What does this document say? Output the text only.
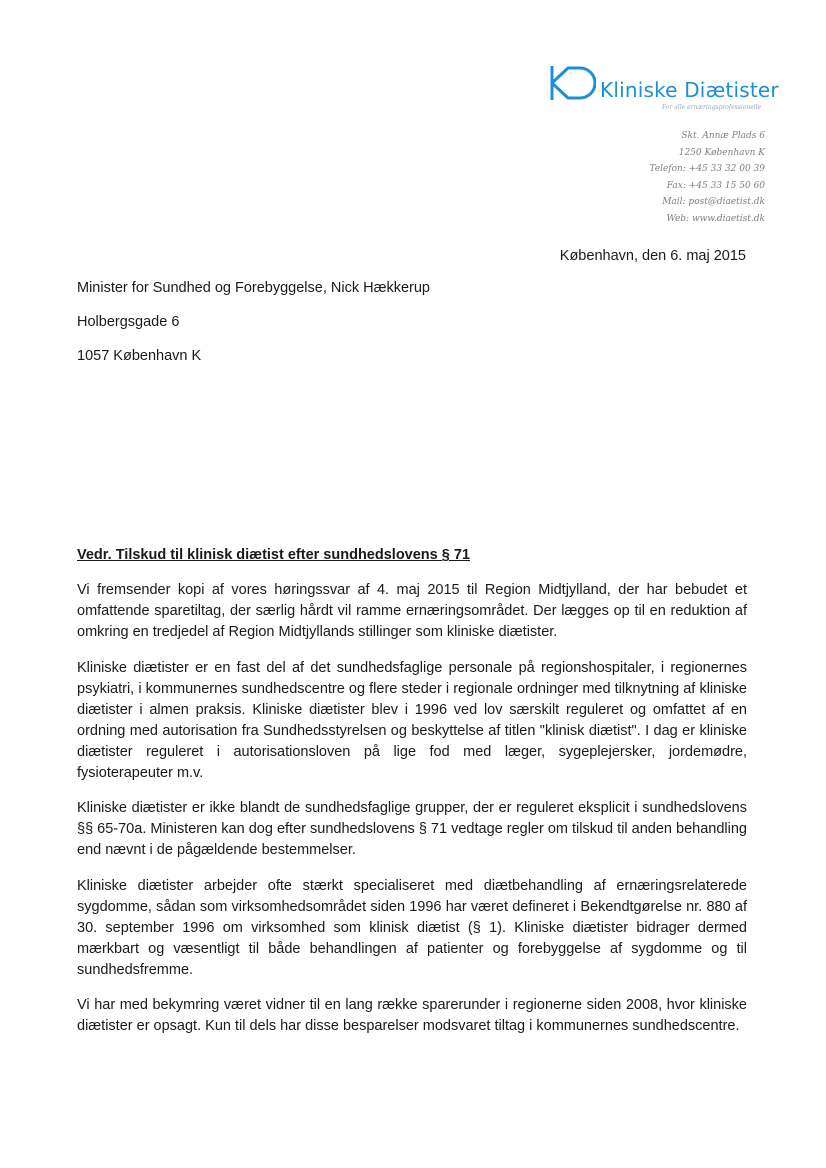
Kliniske Diætister
For alle ernæringsprofessionelle
Skt. Annæ Plads 6
1250 København K
Telefon: +45 33 32 00 39
Fax: +45 33 15 50 60
Mail: post@diaetist.dk
Web: www.diaetist.dk
København, den 6. maj 2015
Minister for Sundhed og Forebyggelse, Nick Hækkerup
Holbergsgade 6
1057 København K
Vedr. Tilskud til klinisk diætist efter sundhedslovens § 71

Vi fremsender kopi af vores høringssvar af 4. maj 2015 til Region Midtjylland, der har bebudet et omfattende sparetiltag, der særlig hårdt vil ramme ernæringsområdet. Der lægges op til en reduktion af omkring en tredjedel af Region Midtjyllands stillinger som kliniske diætister.

Kliniske diætister er en fast del af det sundhedsfaglige personale på regionshospitaler, i regionernes psykiatri, i kommunernes sundhedscentre og flere steder i regionale ordninger med tilknytning af kliniske diætister i almen praksis. Kliniske diætister blev i 1996 ved lov særskilt reguleret og omfattet af en ordning med autorisation fra Sundhedsstyrelsen og beskyttelse af titlen "klinisk diætist". I dag er kliniske diætister reguleret i autorisationsloven på lige fod med læger, sygeplejersker, jordemødre, fysioterapeuter m.v.

Kliniske diætister er ikke blandt de sundhedsfaglige grupper, der er reguleret eksplicit i sundhedslovens §§ 65-70a. Ministeren kan dog efter sundhedslovens § 71 vedtage regler om tilskud til anden behandling end nævnt i de pågældende bestemmelser.

Kliniske diætister arbejder ofte stærkt specialiseret med diætbehandling af ernæringsrelaterede sygdomme, sådan som virksomhedsområdet siden 1996 har været defineret i Bekendtgørelse nr. 880 af 30. september 1996 om virksomhed som klinisk diætist (§ 1). Kliniske diætister bidrager dermed mærkbart og væsentligt til både behandlingen af patienter og forebyggelse af sygdomme og til sundhedsfremme.

Vi har med bekymring været vidner til en lang række sparerunder i regionerne siden 2008, hvor kliniske diætister er opsagt. Kun til dels har disse besparelser modsvaret tiltag i kommunernes sundhedscentre.
